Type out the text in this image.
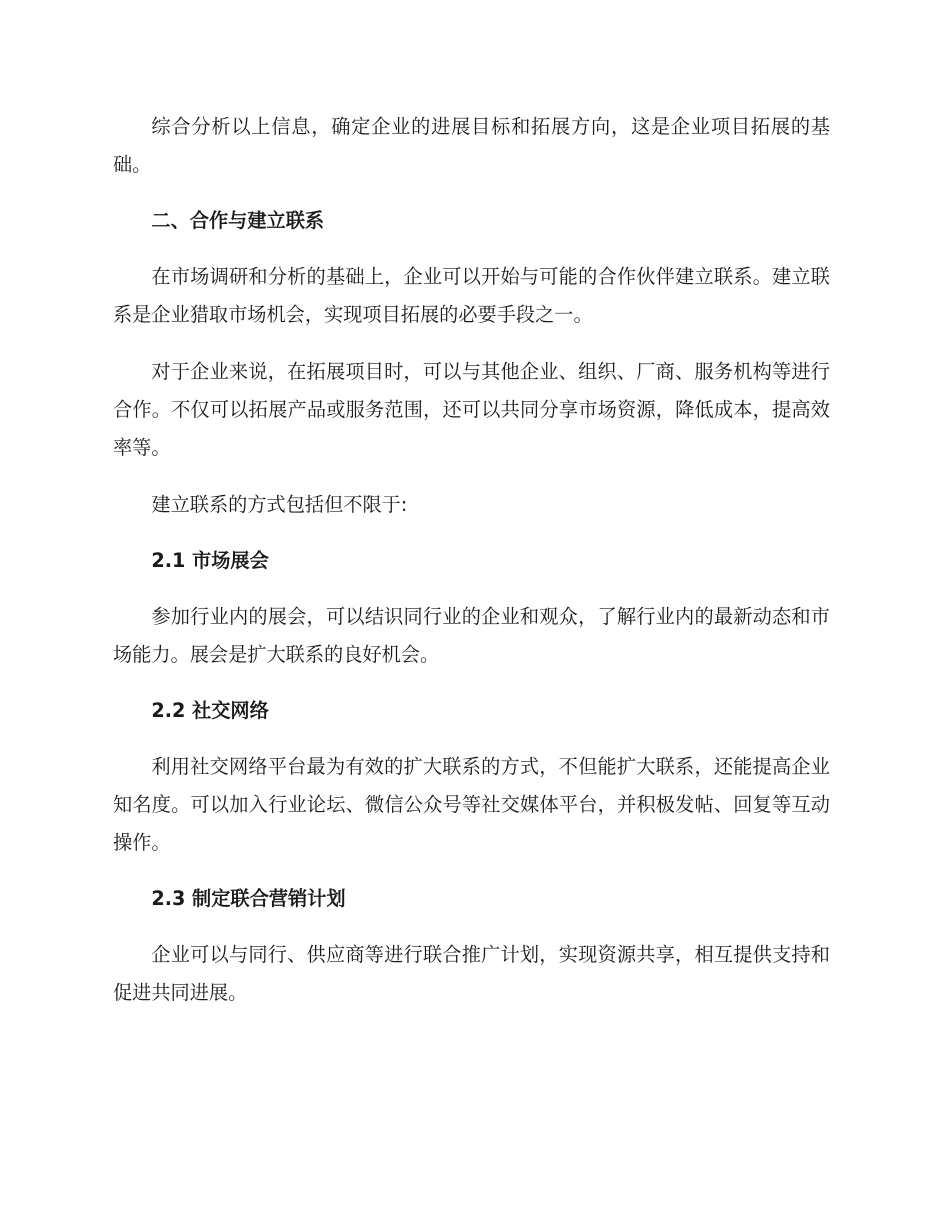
综合分析以上信息，确定企业的进展目标和拓展方向，这是企业项目拓展的基础。

二、合作与建立联系

在市场调研和分析的基础上，企业可以开始与可能的合作伙伴建立联系。建立联系是企业猎取市场机会，实现项目拓展的必要手段之一。

对于企业来说，在拓展项目时，可以与其他企业、组织、厂商、服务机构等进行合作。不仅可以拓展产品或服务范围，还可以共同分享市场资源，降低成本，提高效率等。

建立联系的方式包括但不限于:

2.1 市场展会

参加行业内的展会，可以结识同行业的企业和观众，了解行业内的最新动态和市场能力。展会是扩大联系的良好机会。

2.2 社交网络

利用社交网络平台最为有效的扩大联系的方式，不但能扩大联系，还能提高企业知名度。可以加入行业论坛、微信公众号等社交媒体平台，并积极发帖、回复等互动操作。

2.3 制定联合营销计划

企业可以与同行、供应商等进行联合推广计划，实现资源共享，相互提供支持和促进共同进展。
